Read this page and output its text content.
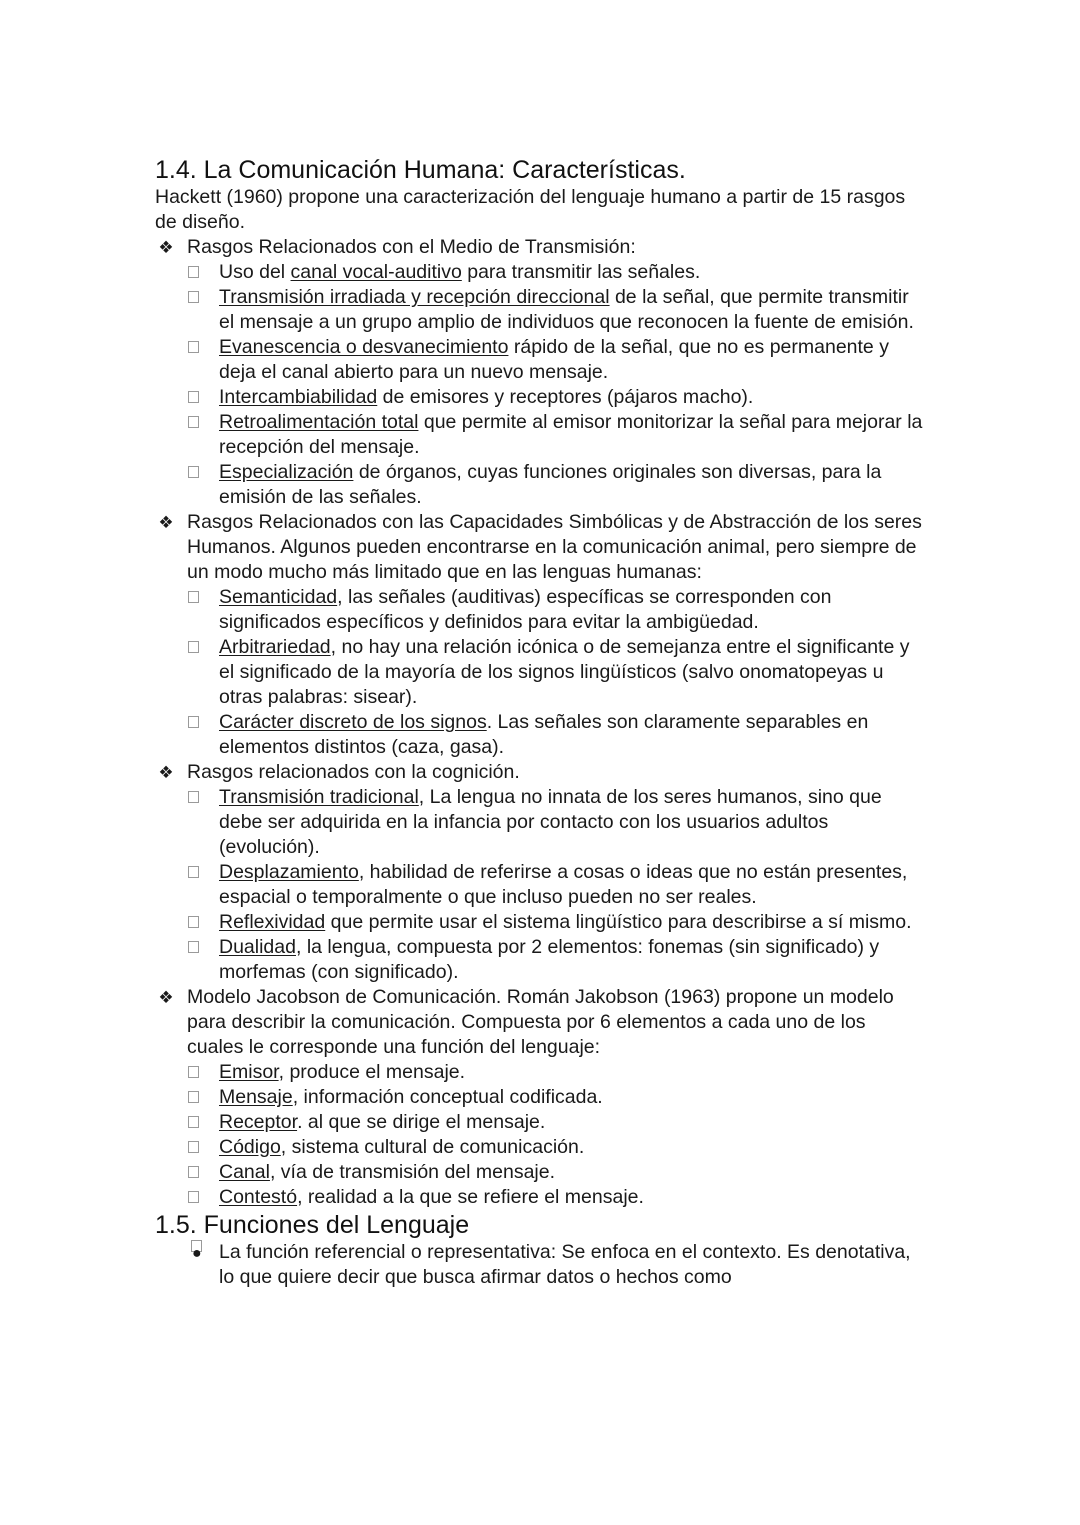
1.4. La Comunicación Humana: Características.

Hackett (1960) propone una caracterización del lenguaje humano a partir de 15 rasgos de diseño.

❖ Rasgos Relacionados con el Medio de Transmisión:
Uso del canal vocal-auditivo para transmitir las señales.
Transmisión irradiada y recepción direccional de la señal, que permite transmitir el mensaje a un grupo amplio de individuos que reconocen la fuente de emisión.
Evanescencia o desvanecimiento rápido de la señal, que no es permanente y deja el canal abierto para un nuevo mensaje.
Intercambiabilidad de emisores y receptores (pájaros macho).
Retroalimentación total que permite al emisor monitorizar la señal para mejorar la recepción del mensaje.
Especialización de órganos, cuyas funciones originales son diversas, para la emisión de las señales.
❖ Rasgos Relacionados con las Capacidades Simbólicas y de Abstracción de los seres Humanos. Algunos pueden encontrarse en la comunicación animal, pero siempre de un modo mucho más limitado que en las lenguas humanas:
Semanticidad, las señales (auditivas) específicas se corresponden con significados específicos y definidos para evitar la ambigüedad.
Arbitrariedad, no hay una relación icónica o de semejanza entre el significante y el significado de la mayoría de los signos lingüísticos (salvo onomatopeyas u otras palabras: sisear).
Carácter discreto de los signos. Las señales son claramente separables en elementos distintos (caza, gasa).
❖ Rasgos relacionados con la cognición.
Transmisión tradicional, La lengua no innata de los seres humanos, sino que debe ser adquirida en la infancia por contacto con los usuarios adultos (evolución).
Desplazamiento, habilidad de referirse a cosas o ideas que no están presentes, espacial o temporalmente o que incluso pueden no ser reales.
Reflexividad que permite usar el sistema lingüístico para describirse a sí mismo.
Dualidad, la lengua, compuesta por 2 elementos: fonemas (sin significado) y morfemas (con significado).
❖ Modelo Jacobson de Comunicación. Román Jakobson (1963) propone un modelo para describir la comunicación. Compuesta por 6 elementos a cada uno de los cuales le corresponde una función del lenguaje:
Emisor, produce el mensaje.
Mensaje, información conceptual codificada.
Receptor. al que se dirige el mensaje.
Código, sistema cultural de comunicación.
Canal, vía de transmisión del mensaje.
Contestó, realidad a la que se refiere el mensaje.
1.5. Funciones del Lenguaje
● La función referencial o representativa: Se enfoca en el contexto. Es denotativa, lo que quiere decir que busca afirmar datos o hechos como
